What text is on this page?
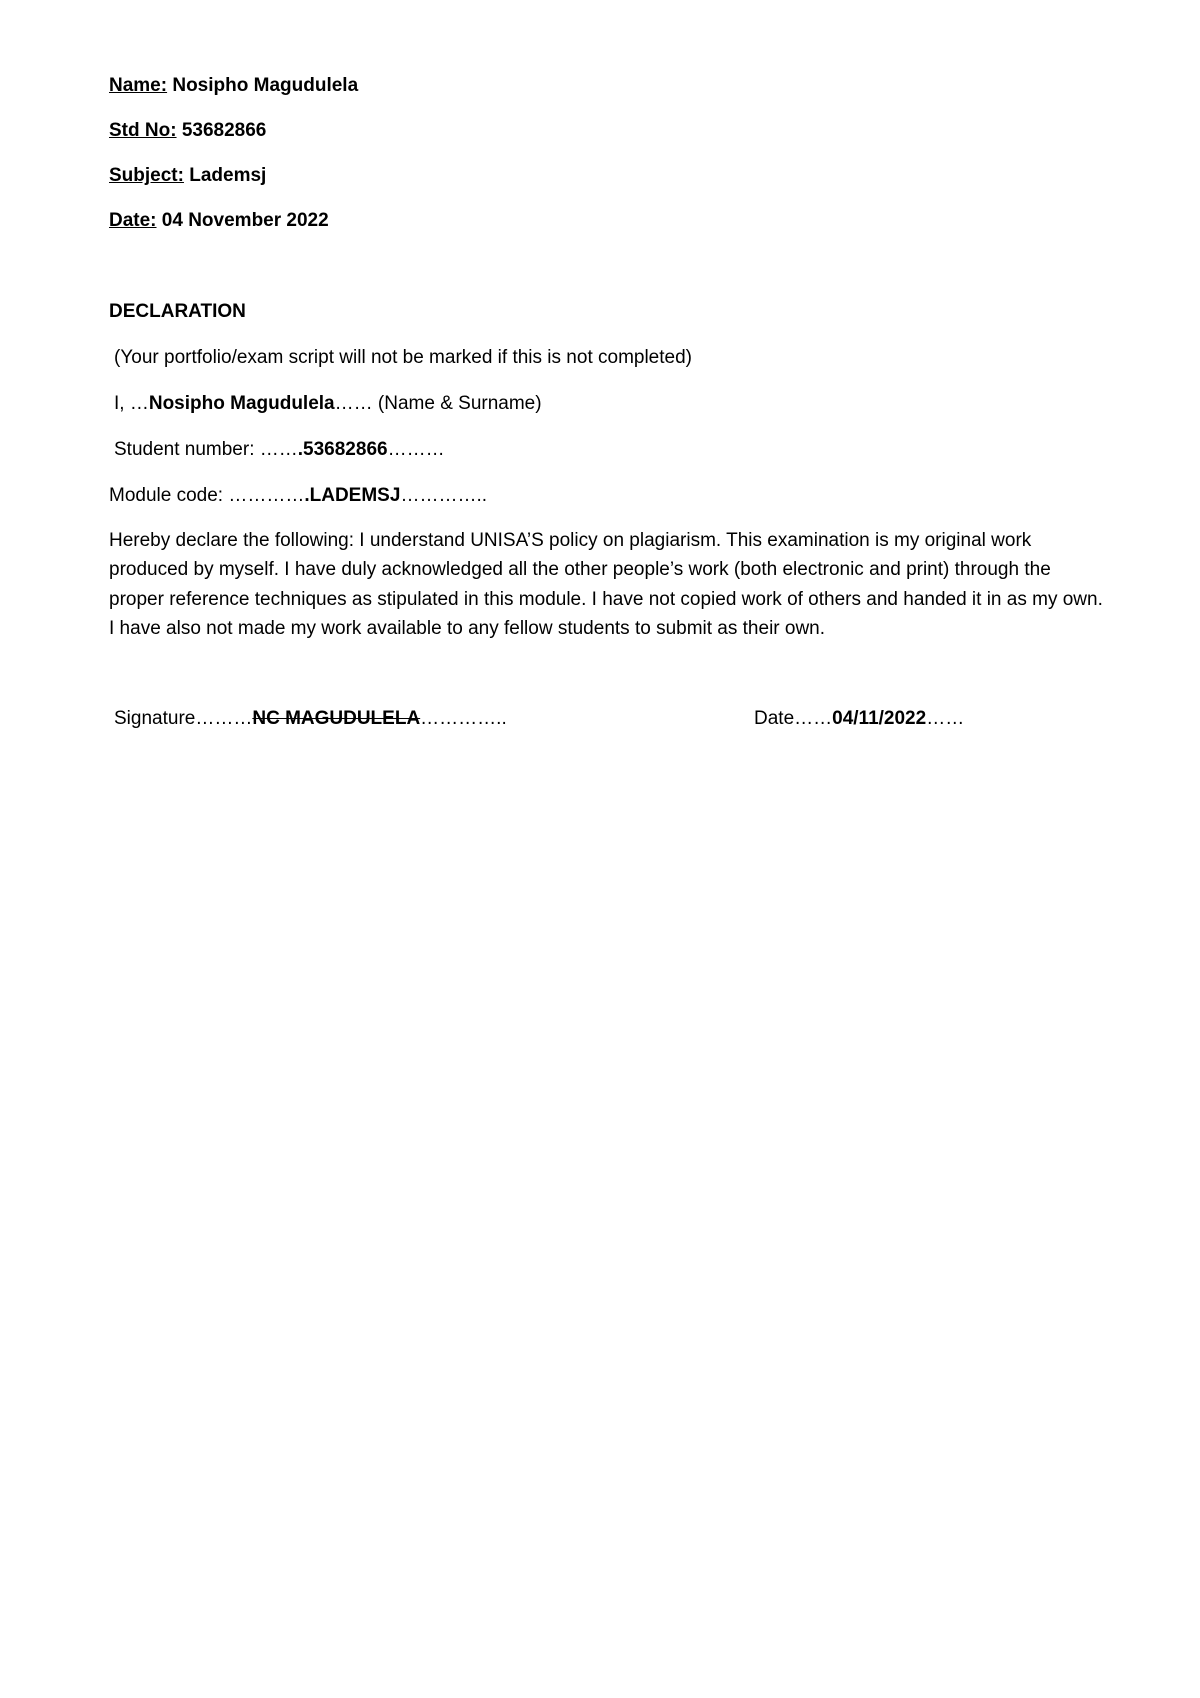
Name: Nosipho Magudulela
Std No: 53682866
Subject: Lademsj
Date: 04 November 2022
DECLARATION
(Your portfolio/exam script will not be marked if this is not completed)
I, …Nosipho Magudulela…… (Name & Surname)
Student number: …….53682866………
Module code: ………….LADEMSJ…………..
Hereby declare the following: I understand UNISA’S policy on plagiarism. This examination is my original work produced by myself. I have duly acknowledged all the other people’s work (both electronic and print) through the proper reference techniques as stipulated in this module. I have not copied work of others and handed it in as my own. I have also not made my work available to any fellow students to submit as their own.
Signature………NC MAGUDULELA…………..	Date……04/11/2022……
